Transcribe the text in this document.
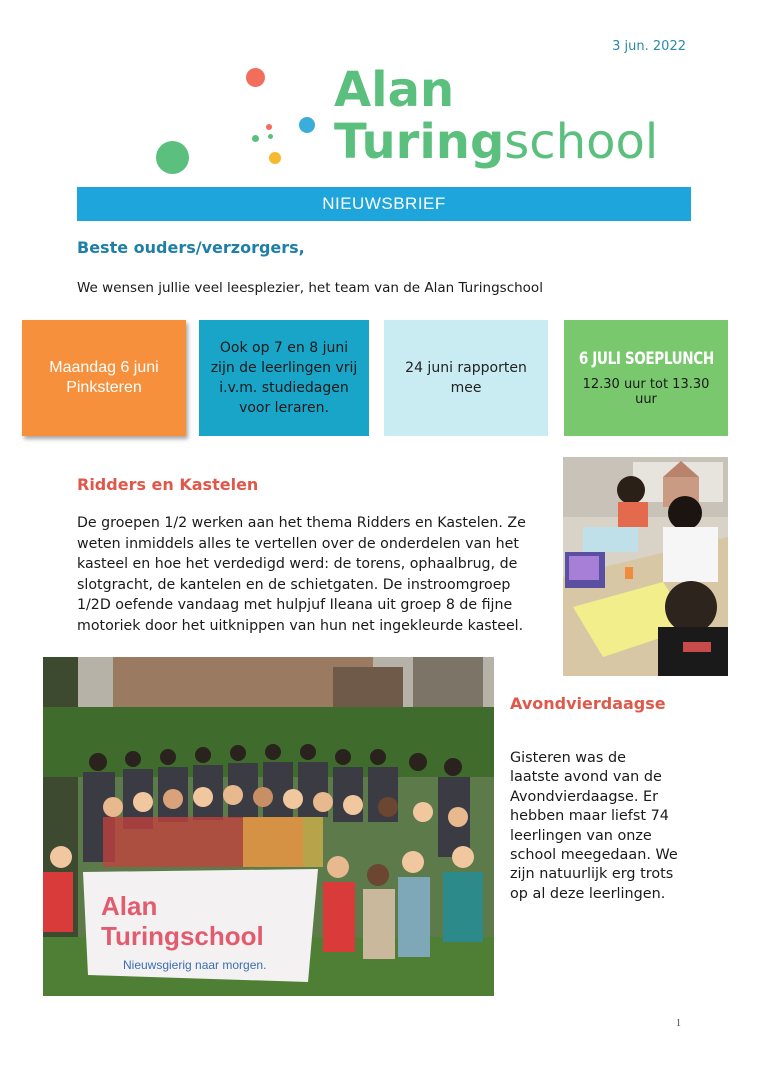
3 jun. 2022
Alan
Turingschool
NIEUWSBRIEF
Beste ouders/verzorgers,
We wensen jullie veel leesplezier, het team van de Alan Turingschool
Maandag 6 juni Pinksteren
Ook op 7 en 8 juni zijn de leerlingen vrij i.v.m. studiedagen voor leraren.
24 juni rapporten mee
6 JULI SOEPLUNCH
12.30 uur tot 13.30 uur
Ridders en Kastelen
De groepen 1/2 werken aan het thema Ridders en Kastelen. Ze
weten inmiddels alles te vertellen over de onderdelen van het
kasteel en hoe het verdedigd werd: de torens, ophaalbrug, de
slotgracht, de kantelen en de schietgaten. De instroomgroep
1/2D oefende vandaag met hulpjuf Ileana uit groep 8 de fijne
motoriek door het uitknippen van hun net ingekleurde kasteel.
Alan
Turingschool
Nieuwsgierig naar morgen.
Avondvierdaagse
Gisteren was de
laatste avond van de
Avondvierdaagse. Er
hebben maar liefst 74
leerlingen van onze
school meegedaan. We
zijn natuurlijk erg trots
op al deze leerlingen.
1
